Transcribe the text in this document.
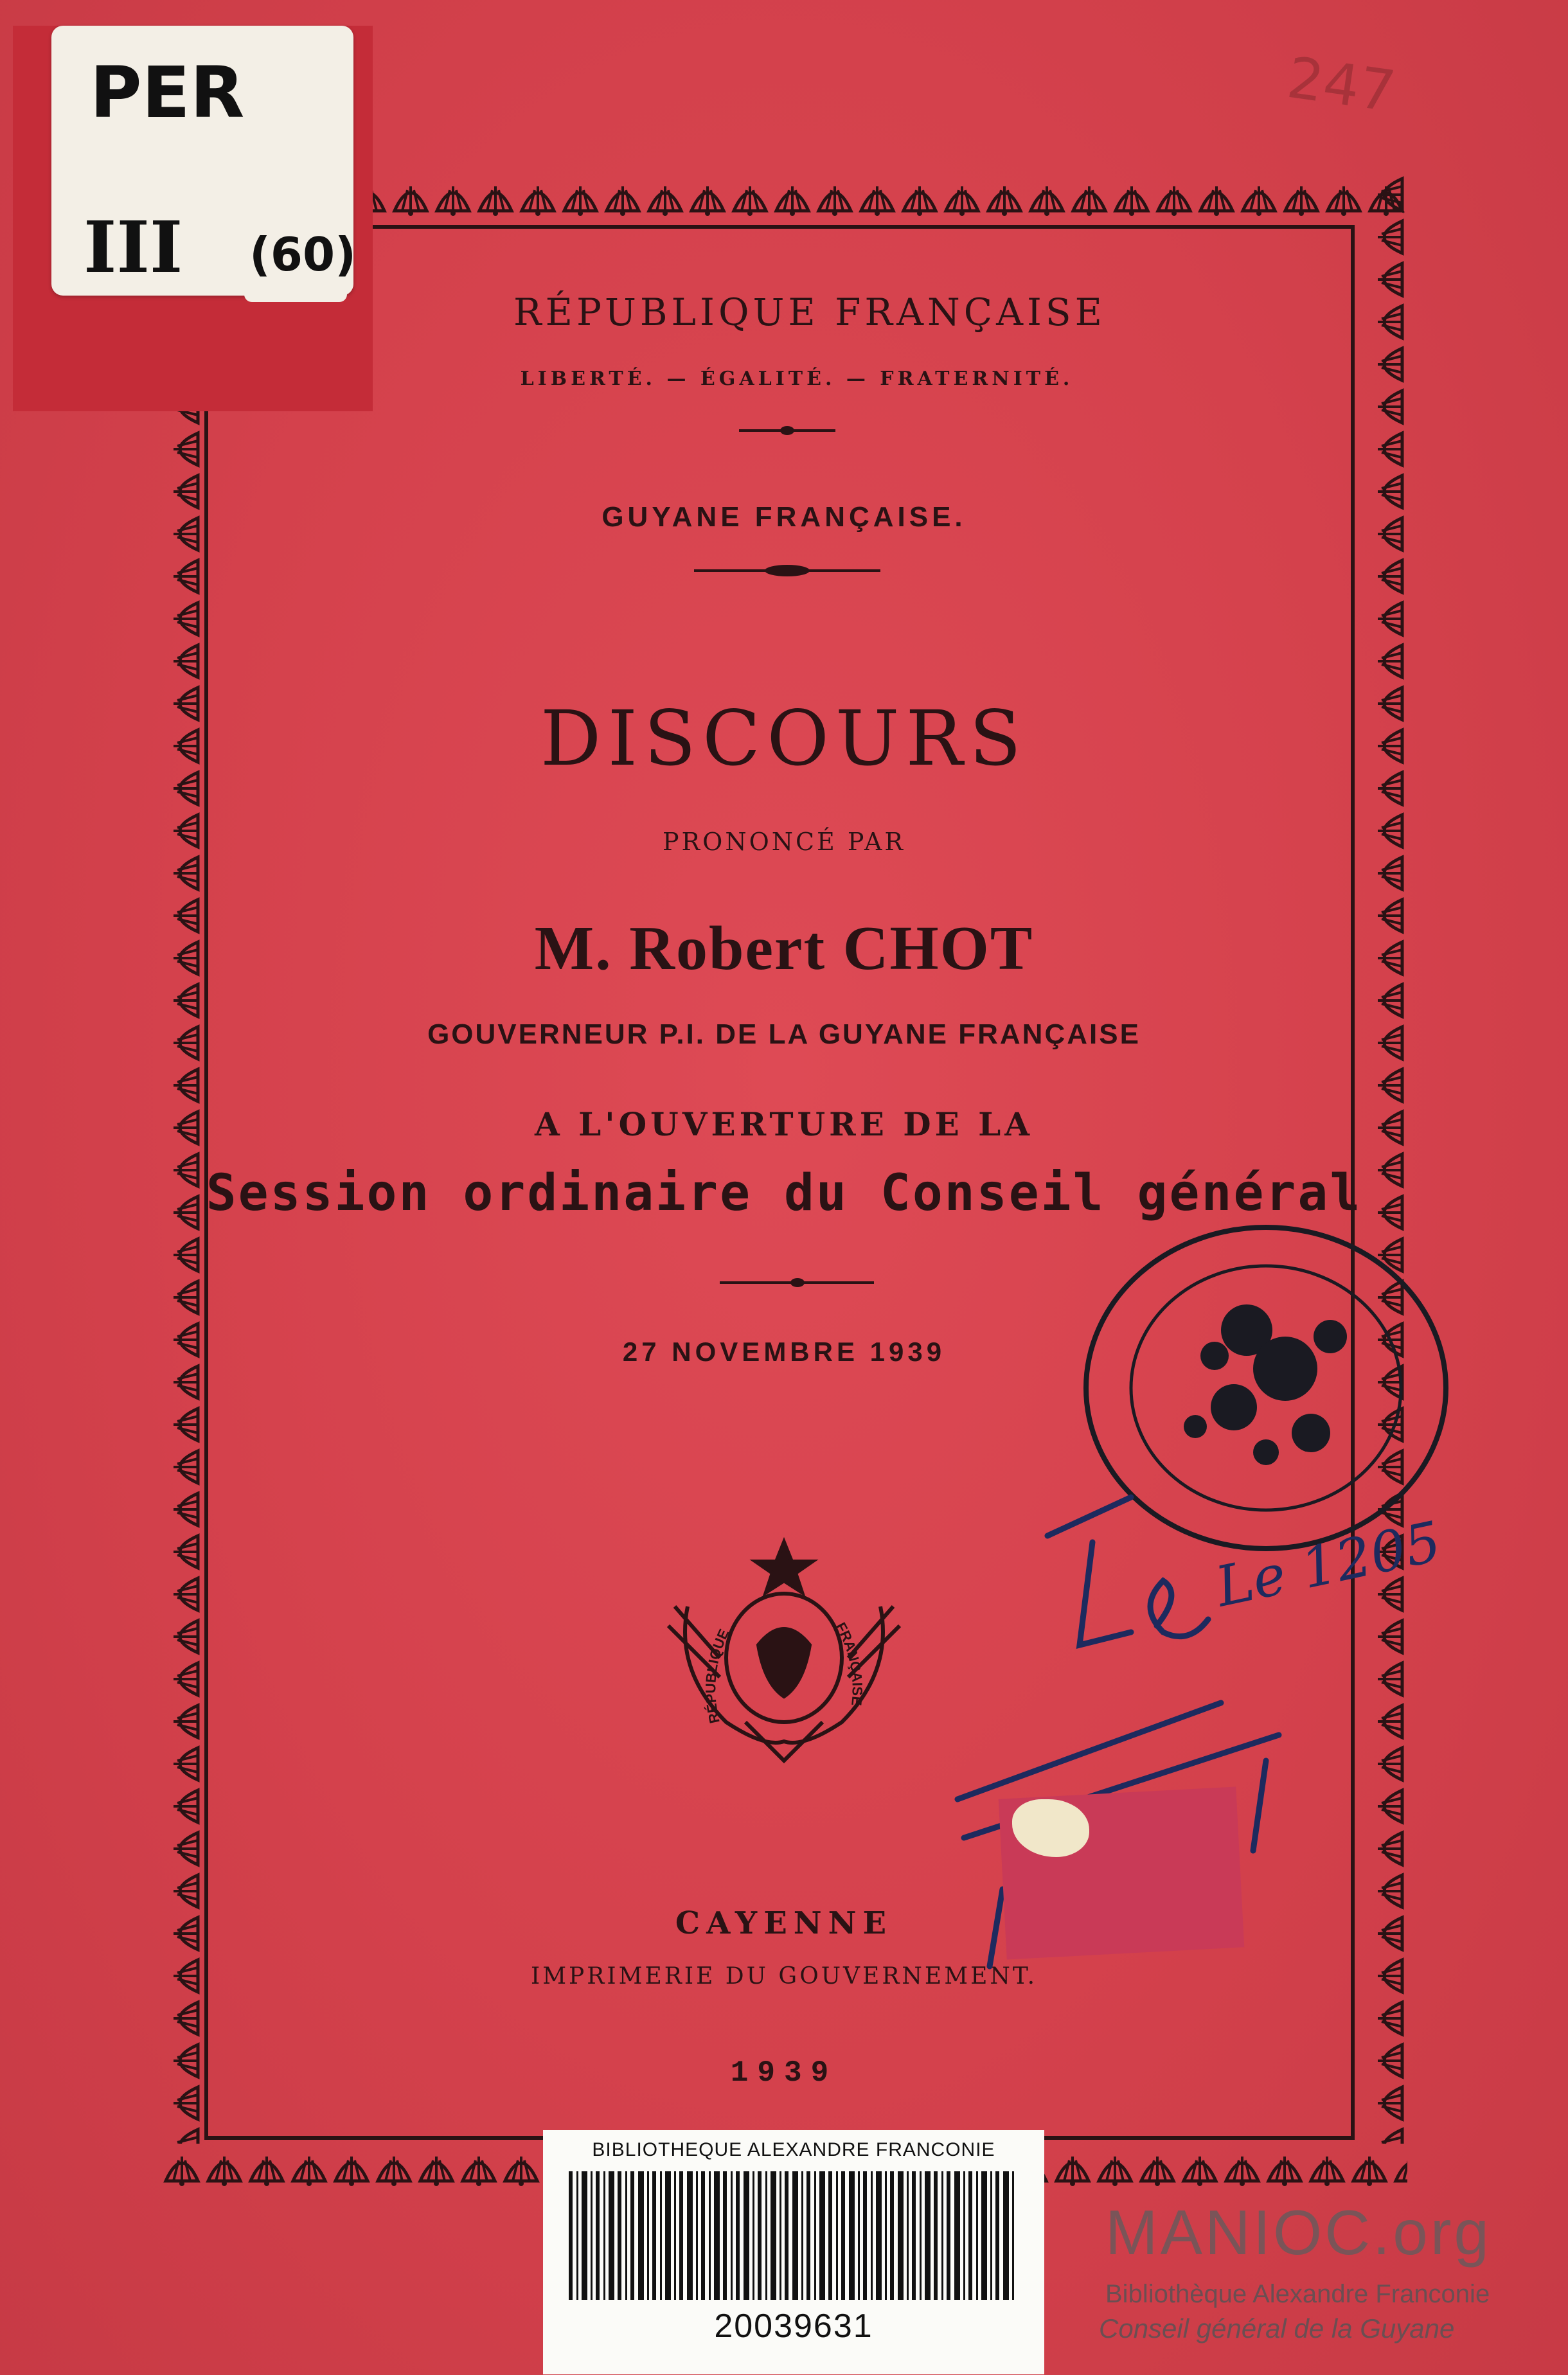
PER
III (60)
RÉPUBLIQUE FRANÇAISE
LIBERTÉ. — ÉGALITÉ. — FRATERNITÉ.
GUYANE FRANÇAISE.
DISCOURS
PRONONCÉ PAR
M. Robert CHOT
GOUVERNEUR P.I. DE LA GUYANE FRANÇAISE
A L'OUVERTURE DE LA
Session ordinaire du Conseil général
27 NOVEMBRE 1939
RÉPUBLIQUE	FRANÇAISE
CAYENNE
IMPRIMERIE DU GOUVERNEMENT.
1939
Le 1205
247
BIBLIOTHEQUE ALEXANDRE FRANCONIE
20039631
MANIOC.org
Bibliothèque Alexandre Franconie
Conseil général de la Guyane
